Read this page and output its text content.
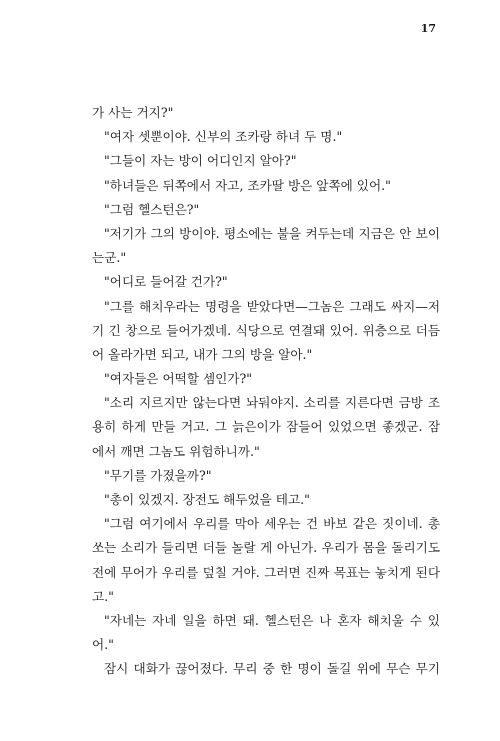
17
가 사는 거지?"
"여자 셋뿐이야. 신부의 조카랑 하녀 두 명."
"그들이 자는 방이 어디인지 알아?"
"하녀들은 뒤쪽에서 자고, 조카딸 방은 앞쪽에 있어."
"그럼 헬스턴은?"
"저기가 그의 방이야. 평소에는 불을 켜두는데 지금은 안 보이
는군."
"어디로 들어갈 건가?"
"그를 해치우라는 명령을 받았다면—그놈은 그래도 싸지—저
기 긴 창으로 들어가겠네. 식당으로 연결돼 있어. 위층으로 더듬
어 올라가면 되고, 내가 그의 방을 알아."
"여자들은 어떡할 셈인가?"
"소리 지르지만 않는다면 놔둬야지. 소리를 지른다면 금방 조
용히 하게 만들 거고. 그 늙은이가 잠들어 있었으면 좋겠군. 잠
에서 깨면 그놈도 위험하니까."
"무기를 가졌을까?"
"총이 있겠지. 장전도 해두었을 테고."
"그럼 여기에서 우리를 막아 세우는 건 바보 같은 짓이네. 총
쏘는 소리가 들리면 더들 놀랄 게 아닌가. 우리가 몸을 돌리기도
전에 무어가 우리를 덮칠 거야. 그러면 진짜 목표는 놓치게 된다
고."
"자네는 자네 일을 하면 돼. 헬스턴은 나 혼자 해치울 수 있
어."
잠시 대화가 끊어졌다. 무리 중 한 명이 돌길 위에 무슨 무기
